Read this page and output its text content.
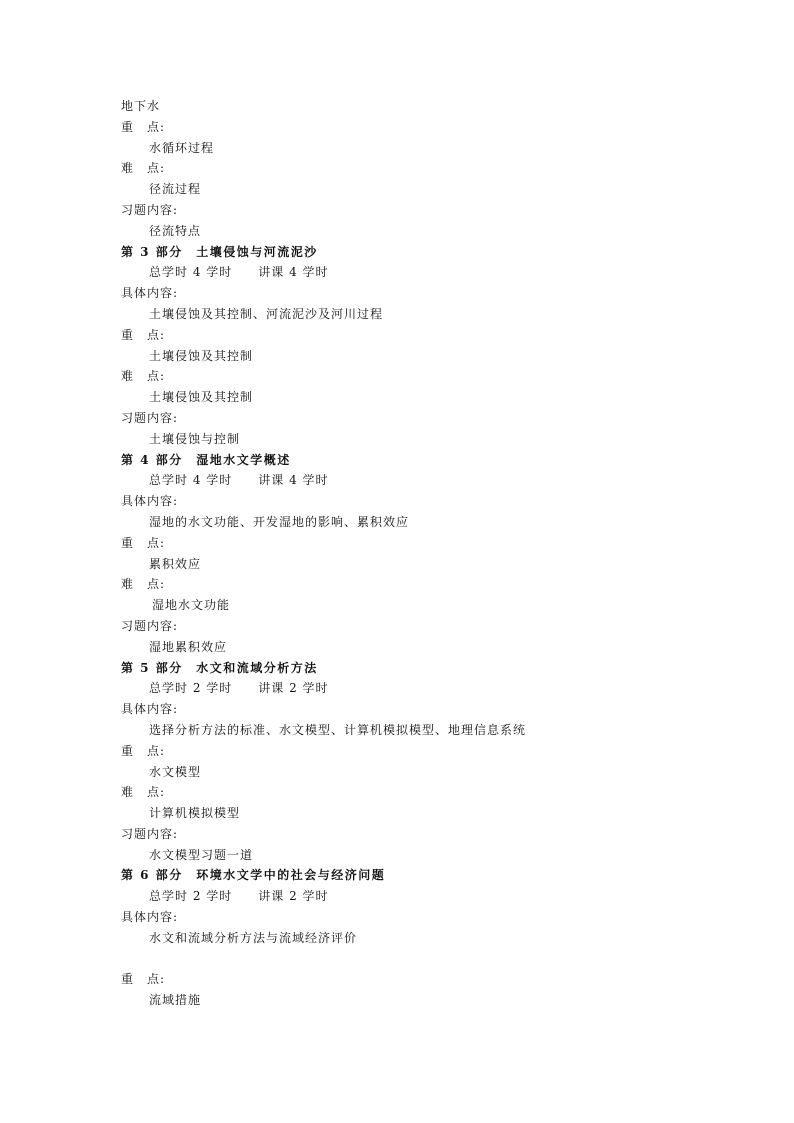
地下水
重　点:
水循环过程
难　点:
径流过程
习题内容:
径流特点
第 3 部分　土壤侵蚀与河流泥沙
总学时 4 学时　　讲课 4 学时
具体内容:
土壤侵蚀及其控制、河流泥沙及河川过程
重　点:
土壤侵蚀及其控制
难　点:
土壤侵蚀及其控制
习题内容:
土壤侵蚀与控制
第 4 部分　湿地水文学概述
总学时 4 学时　　讲课 4 学时
具体内容:
湿地的水文功能、开发湿地的影响、累积效应
重　点:
累积效应
难　点:
湿地水文功能
习题内容:
湿地累积效应
第 5 部分　水文和流域分析方法
总学时 2 学时　　讲课 2 学时
具体内容:
选择分析方法的标准、水文模型、计算机模拟模型、地理信息系统
重　点:
水文模型
难　点:
计算机模拟模型
习题内容:
水文模型习题一道
第 6 部分　环境水文学中的社会与经济问题
总学时 2 学时　　讲课 2 学时
具体内容:
水文和流域分析方法与流域经济评价
重　点:
流域措施
